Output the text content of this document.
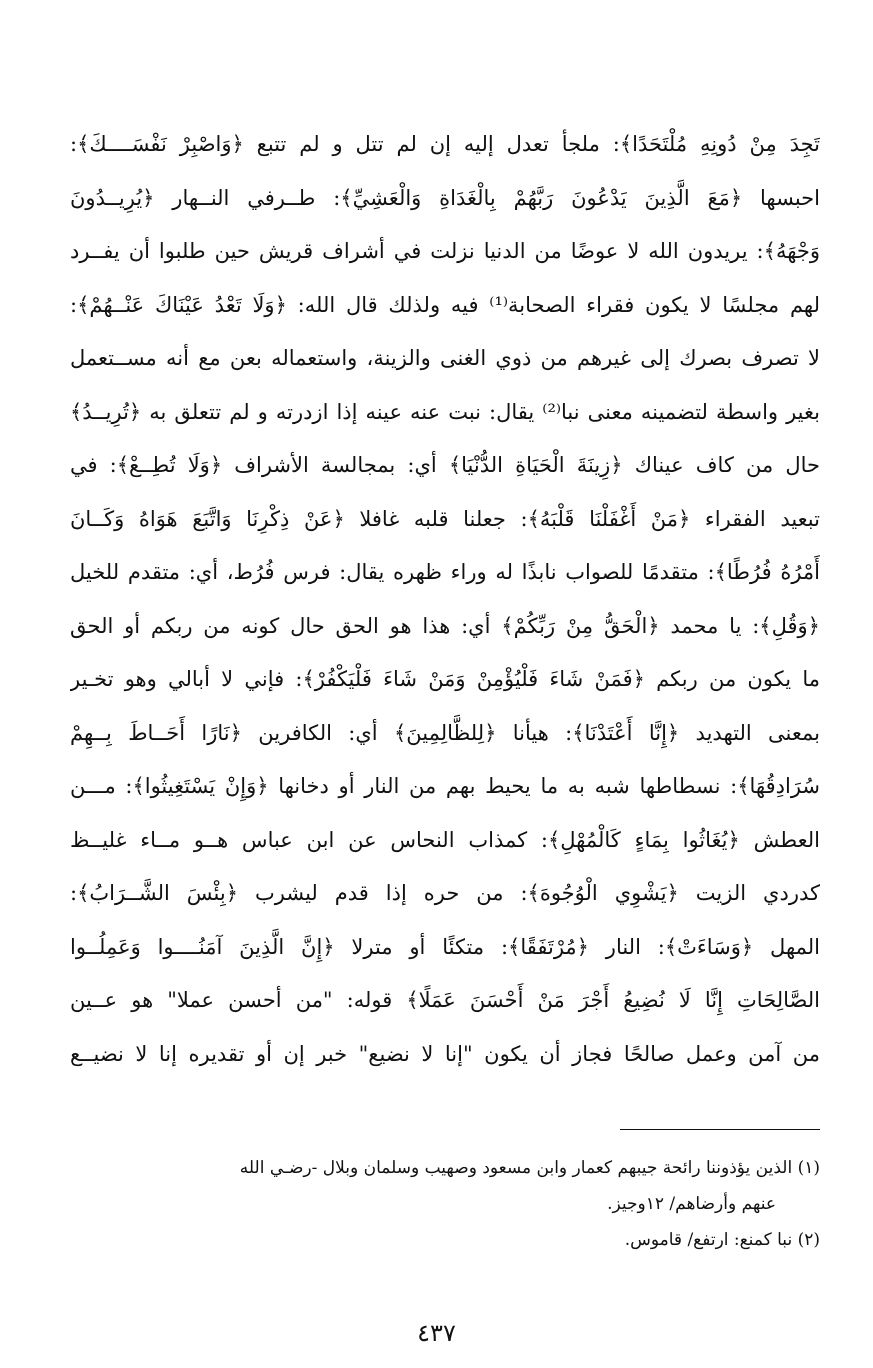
تَجِدَ مِنْ دُونِهِ مُلْتَحَدًا﴾: ملجأ تعدل إليه إن لم تتل و لم تتبع ﴿وَاصْبِرْ نَفْسَــــكَ﴾:
احبسها ﴿مَعَ الَّذِينَ يَدْعُونَ رَبَّهُمْ بِالْغَدَاةِ وَالْعَشِيِّ﴾: طــرفي النــهار ﴿يُرِيــدُونَ
وَجْهَهُ﴾: يريدون الله لا عوضًا من الدنيا نزلت في أشراف قريش حين طلبوا أن يفــرد
لهم مجلسًا لا يكون فقراء الصحابة⁽¹⁾ فيه ولذلك قال الله: ﴿وَلَا تَعْدُ عَيْنَاكَ عَنْــهُمْ﴾:
لا تصرف بصرك إلى غيرهم من ذوي الغنى والزينة، واستعماله بعن مع أنه مســتعمل
بغير واسطة لتضمينه معنى نبا⁽²⁾ يقال: نبت عنه عينه إذا ازدرته و لم تتعلق به ﴿تُرِيــدُ﴾
حال من كاف عيناك ﴿زِينَةَ الْحَيَاةِ الدُّنْيَا﴾ أي: بمجالسة الأشراف ﴿وَلَا تُطِــعْ﴾: في
تبعيد الفقراء ﴿مَنْ أَغْفَلْنَا قَلْبَهُ﴾: جعلنا قلبه غافلا ﴿عَنْ ذِكْرِنَا وَاتَّبَعَ هَوَاهُ وَكَــانَ
أَمْرُهُ فُرُطًا﴾: متقدمًا للصواب نابذًا له وراء ظهره يقال: فرس فُرُط، أي: متقدم للخيل
﴿وَقُلِ﴾: يا محمد ﴿الْحَقُّ مِنْ رَبِّكُمْ﴾ أي: هذا هو الحق حال كونه من ربكم أو الحق
ما يكون من ربكم ﴿فَمَنْ شَاءَ فَلْيُؤْمِنْ وَمَنْ شَاءَ فَلْيَكْفُرْ﴾: فإني لا أبالي وهو تخـير
بمعنى التهديد ﴿إِنَّا أَعْتَدْنَا﴾: هيأنا ﴿لِلظَّالِمِينَ﴾ أي: الكافرين ﴿نَارًا أَحَــاطَ بِــهِمْ
سُرَادِقُهَا﴾: نسطاطها شبه به ما يحيط بهم من النار أو دخانها ﴿وَإِنْ يَسْتَغِيثُوا﴾: مـــن
العطش ﴿يُغَاثُوا بِمَاءٍ كَالْمُهْلِ﴾: كمذاب النحاس عن ابن عباس هــو مــاء غليــظ
كدردي الزيت ﴿يَشْوِي الْوُجُوهَ﴾: من حره إذا قدم ليشرب ﴿بِئْسَ الشَّــرَابُ﴾:
المهل ﴿وَسَاءَتْ﴾: النار ﴿مُرْتَفَقًا﴾: متكئًا أو مترلا ﴿إِنَّ الَّذِينَ آمَنُــــوا وَعَمِلُــوا
الصَّالِحَاتِ إِنَّا لَا نُضِيعُ أَجْرَ مَنْ أَحْسَنَ عَمَلًا﴾ قوله: "من أحسن عملا" هو عــين
من آمن وعمل صالحًا فجاز أن يكون "إنا لا نضيع" خبر إن أو تقديره إنا لا نضيــع
(١) الذين يؤذوننا رائحة جيبهم كعمار وابن مسعود وصهيب وسلمان وبلال -رضـي الله
عنهم وأرضاهم/ ١٢وجيز.
(٢) نبا كمنع: ارتفع/ قاموس.
٤٣٧
